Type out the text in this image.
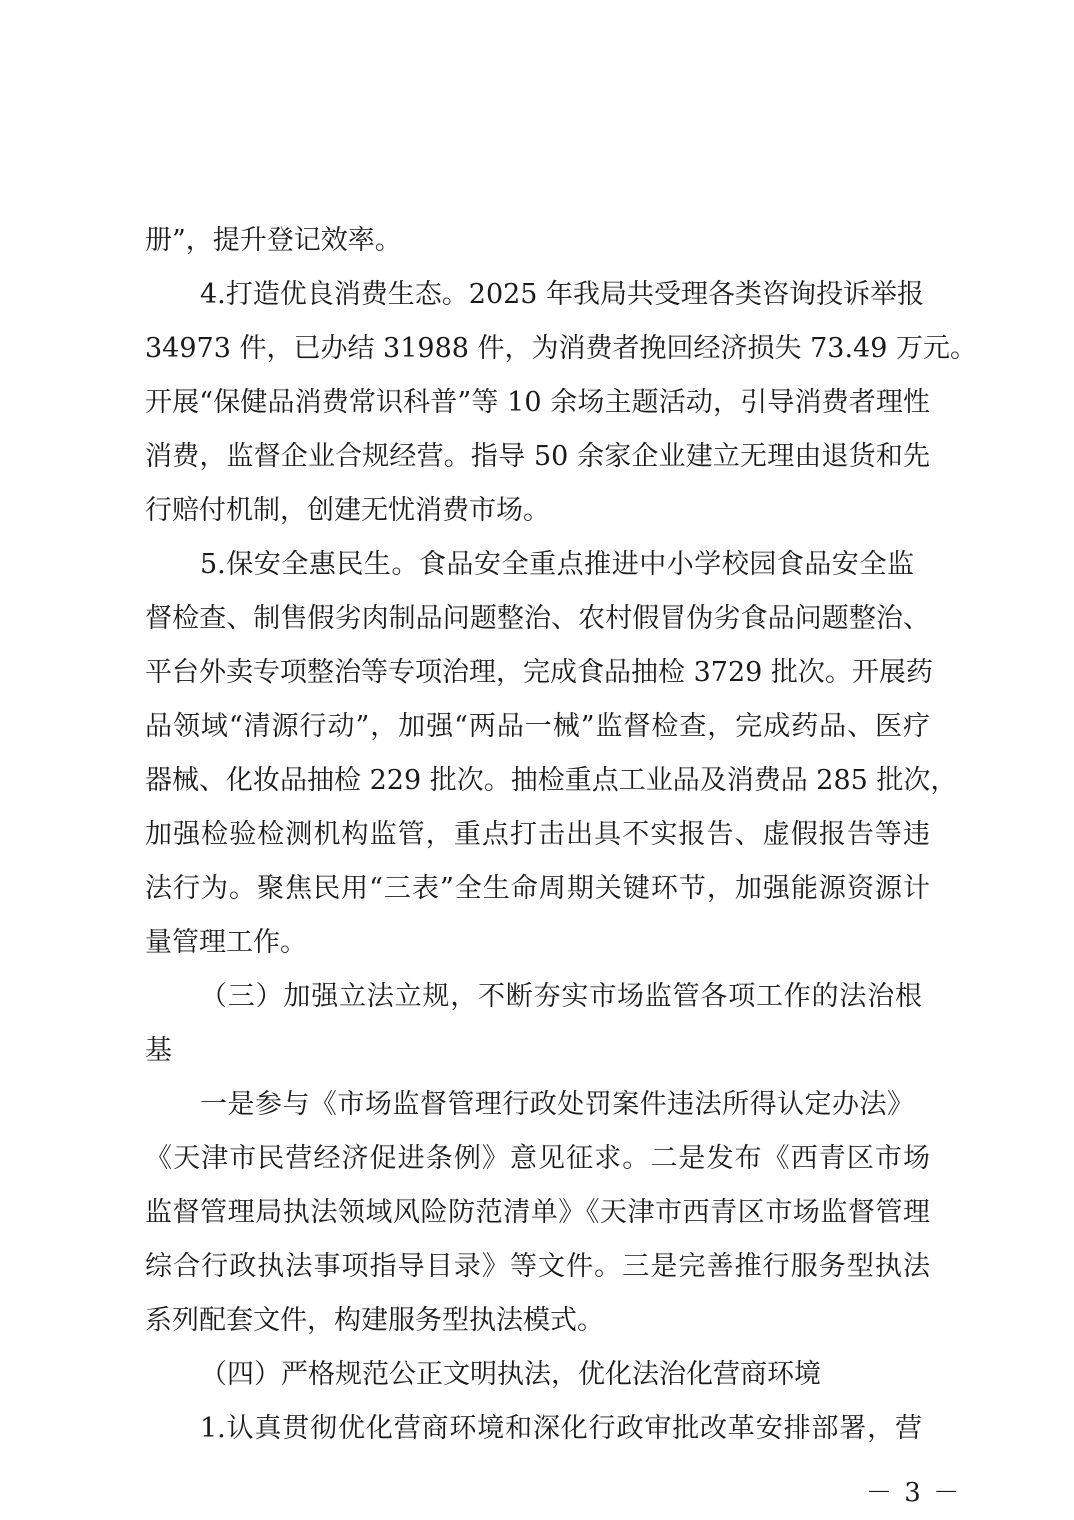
册”，提升登记效率。

4.打造优良消费生态。2025 年我局共受理各类咨询投诉举报

34973 件，已办结 31988 件，为消费者挽回经济损失 73.49 万元。

开展“保健品消费常识科普”等 10 余场主题活动，引导消费者理性

消费，监督企业合规经营。指导 50 余家企业建立无理由退货和先

行赔付机制，创建无忧消费市场。

5.保安全惠民生。食品安全重点推进中小学校园食品安全监

督检查、制售假劣肉制品问题整治、农村假冒伪劣食品问题整治、

平台外卖专项整治等专项治理，完成食品抽检 3729 批次。开展药

品领域“清源行动”，加强“两品一械”监督检查，完成药品、医疗

器械、化妆品抽检 229 批次。抽检重点工业品及消费品 285 批次，

加强检验检测机构监管，重点打击出具不实报告、虚假报告等违

法行为。聚焦民用“三表”全生命周期关键环节，加强能源资源计

量管理工作。

（三）加强立法立规，不断夯实市场监管各项工作的法治根

基

一是参与《市场监督管理行政处罚案件违法所得认定办法》

《天津市民营经济促进条例》意见征求。二是发布《西青区市场

监督管理局执法领域风险防范清单》《天津市西青区市场监督管理

综合行政执法事项指导目录》等文件。三是完善推行服务型执法

系列配套文件，构建服务型执法模式。

（四）严格规范公正文明执法，优化法治化营商环境

1.认真贯彻优化营商环境和深化行政审批改革安排部署，营

－ 3 －
